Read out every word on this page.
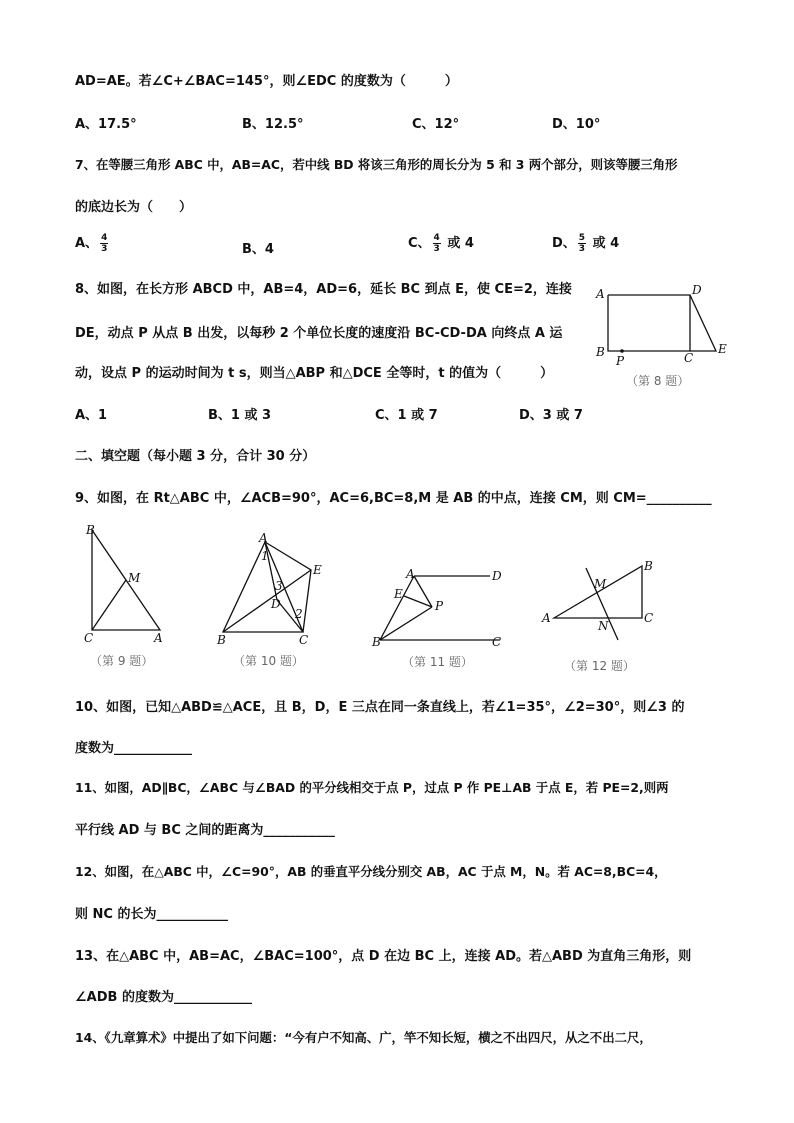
AD=AE。若∠C+∠BAC=145°，则∠EDC 的度数为（　　　）
A、17.5°	B、12.5°	C、12°	D、10°
7、在等腰三角形 ABC 中，AB=AC，若中线 BD 将该三角形的周长分为 5 和 3 两个部分，则该等腰三角形
的底边长为（　　）
A、 $\frac{4}{3}$	B、4	C、 $\frac{4}{3}$ 或 4	D、 $\frac{5}{3}$ 或 4
8、如图，在长方形 ABCD 中，AB=4，AD=6，延长 BC 到点 E，使 CE=2，连接
DE，动点 P 从点 B 出发，以每秒 2 个单位长度的速度沿 BC-CD-DA 向终点 A 运
动，设点 P 的运动时间为 t s，则当△ABP 和△DCE 全等时，t 的值为（　　　）
A、1	B、1 或 3	C、1 或 7	D、3 或 7
A	D
B
P	C
E
（第 8 题）
二、填空题（每小题 3 分，合计 30 分）
9、如图，在 Rt△ABC 中，∠ACB=90°，AC=6,BC=8,M 是 AB 的中点，连接 CM，则 CM=__________
B
M
C	A
（第 9 题）
A
1
3
E
D
2
B	C
（第 10 题）
A	D
E
P
B	C
（第 11 题）
B
M
A
N
C
（第 12 题）
10、如图，已知△ABD≌△ACE，且 B，D，E 三点在同一条直线上，若∠1=35°，∠2=30°，则∠3 的
度数为____________
11、如图，AD∥BC，∠ABC 与∠BAD 的平分线相交于点 P，过点 P 作 PE⊥AB 于点 E，若 PE=2,则两
平行线 AD 与 BC 之间的距离为___________
12、如图，在△ABC 中，∠C=90°，AB 的垂直平分线分别交 AB，AC 于点 M，N。若 AC=8,BC=4，
则 NC 的长为___________
13、在△ABC 中，AB=AC，∠BAC=100°，点 D 在边 BC 上，连接 AD。若△ABD 为直角三角形，则
∠ADB 的度数为____________
14、《九章算术》中提出了如下问题：“今有户不知高、广，竿不知长短，横之不出四尺，从之不出二尺，
